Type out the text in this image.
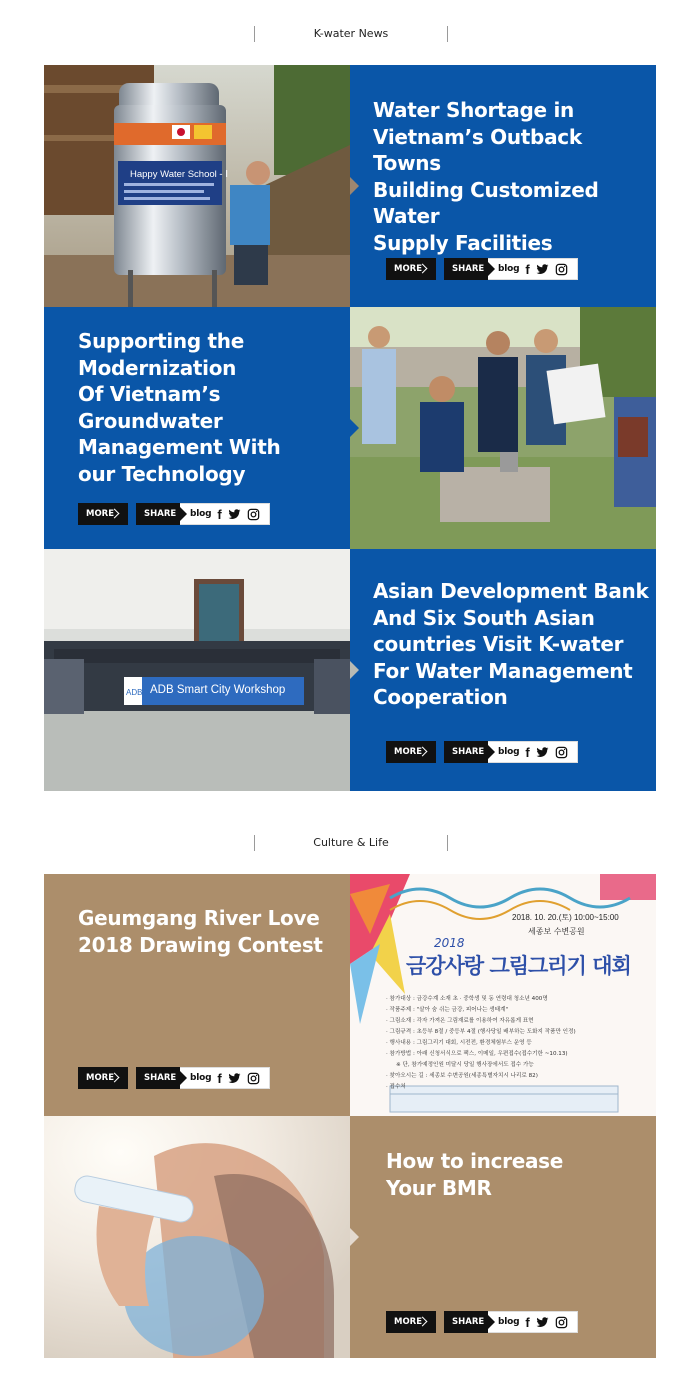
K-water News
Happy Water School - Ⅰ
Water Shortage in
Vietnam’s Outback Towns
Building Customized Water
Supply Facilities
MORE	SHARE	blog f
Supporting the
Modernization
Of Vietnam’s Groundwater
Management With
our Technology
MORE	SHARE	blog f
ADB ADB Smart City Workshop
Asian Development Bank
And Six South Asian
countries Visit K-water
For Water Management
Cooperation
MORE	SHARE	blog f
Culture & Life
Geumgang River Love
2018 Drawing Contest
MORE	SHARE	blog f
2018. 10. 20.(토) 10:00~15:00
세종보 수변공원
2018
금강사랑 그림그리기 대회
· 참가대상 : 금강수계 소재 초 · 중학생 및 동 연령대 청소년 400명
· 작품주제 : "살아 숨 쉬는 금강, 피어나는 생태계"
· 그림소재 : 각자 가져온 그림재료를 이용하여 자유롭게 표현
· 그림규격 : 초등부 8절 / 중등부 4절 (행사당일 배부하는 도화지 작품만 인정)
· 행사내용 : 그림그리기 대회, 시전전, 환경체험부스 운영 등
· 참가방법 : 아래 신청서식으로 팩스, 이메일, 우편접수(접수기한 ~10.13)
※ 단, 참가예정인원 미달시 당일 행사장에서도 접수 가능
· 찾아오시는 길 : 세종보 수변공원(세종특별자치시 나리로 82)
· 접수처
How to increase
Your BMR
MORE	SHARE	blog f
